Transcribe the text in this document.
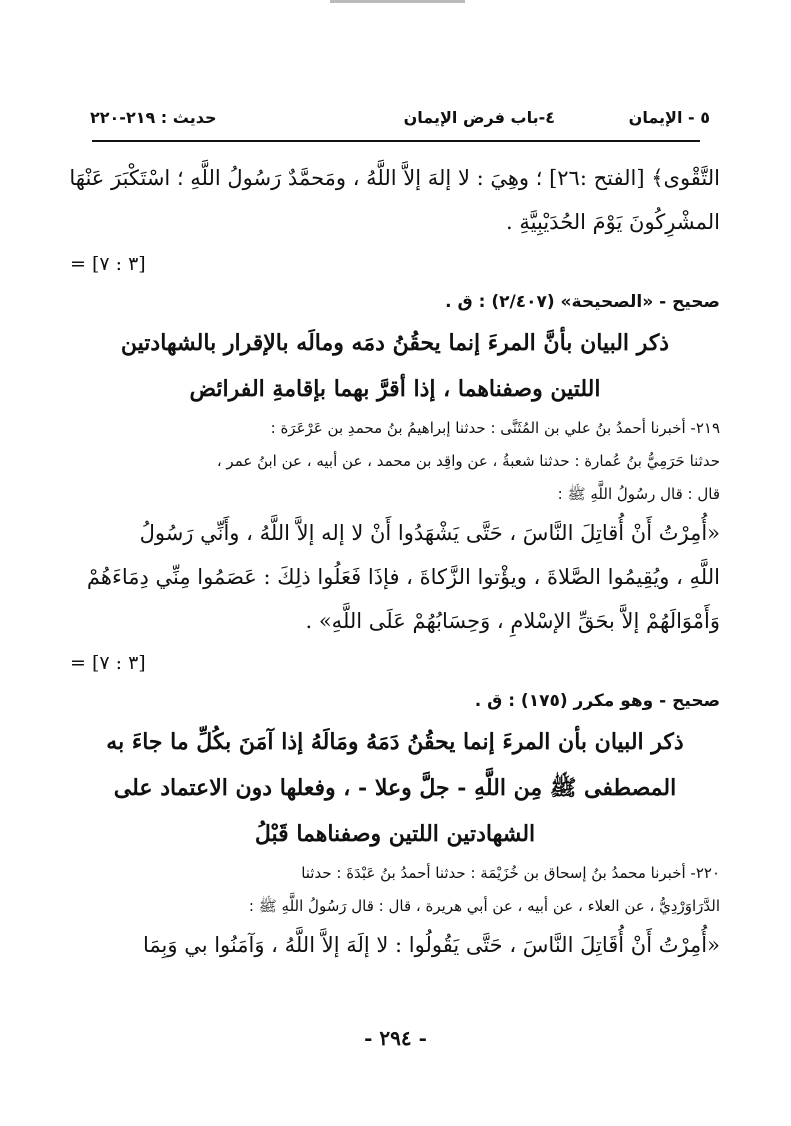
٥ - الإيمان
٤-باب فرض الإيمان
حديث : ٢١٩-٢٢٠
التَّقْوى﴾ [الفتح :٢٦] ؛ وهِيَ : لا إلهَ إلاَّ اللَّهُ ، ومَحمَّدٌ رَسُولُ اللَّهِ ؛ اسْتَكْبَرَ عَنْهَا
المشْرِكُونَ يَوْمَ الحُدَيْبِيَّةِ .
= [٣ : ٧]
صحيح - «الصحيحة» (٢/٤٠٧) : ق .
ذكر البيان بأنَّ المرءَ إنما يحقُنُ دمَه ومالَه بالإقرار بالشهادتين
اللتين وصفناهما ، إذا أقرَّ بهما بإقامةِ الفرائض
٢١٩- أخبرنا أحمدُ بنُ علي بن المُثَنَّى : حدثنا إبراهيمُ بنُ محمدِ بن عَرْعَرَة :
حدثنا حَرَمِيُّ بنُ عُمارة : حدثنا شعبةُ ، عن واقِد بن محمد ، عن أبيه ، عن ابنُ عمر ،
قال : قال رسُولُ اللَّهِ ﷺ :
«أُمِرْتُ أَنْ أُقاتِلَ النَّاسَ ، حَتَّى يَشْهَدُوا أَنْ لا إله إلاَّ اللَّهُ ، وأَنِّي رَسُولُ
اللَّهِ ، ويُقِيمُوا الصَّلاةَ ، ويؤْتوا الزَّكاةَ ، فإذَا فَعَلُوا ذلِكَ : عَصَمُوا مِنِّي دِمَاءَهُمْ
وَأَمْوَالَهُمْ إلاَّ بحَقِّ الإسْلامِ ، وَحِسَابُهُمْ عَلَى اللَّهِ» .
= [٣ : ٧]
صحيح - وهو مكرر (١٧٥) : ق .
ذكر البيان بأن المرءَ إنما يحقُنُ دَمَهُ ومَالَهُ إذا آمَنَ بكُلِّ ما جاءَ به
المصطفى ﷺ مِن اللَّهِ - جلَّ وعلا - ، وفعلها دون الاعتماد على
الشهادتين اللتين وصفناهما قَبْلُ
٢٢٠- أخبرنا محمدُ بنُ إسحاق بن خُزَيْمَة : حدثنا أحمدُ بنُ عَبْدَةَ : حدثنا
الدَّرَاوَرْدِيُّ ، عن العلاء ، عن أبيه ، عن أبي هريرة ، قال : قال رَسُولُ اللَّهِ ﷺ :
«أُمِرْتُ أَنْ أُقَاتِلَ النَّاسَ ، حَتَّى يَقُولُوا : لا إلَهَ إلاَّ اللَّهُ ، وَآمَنُوا بي وَبِمَا
- ٢٩٤ -
